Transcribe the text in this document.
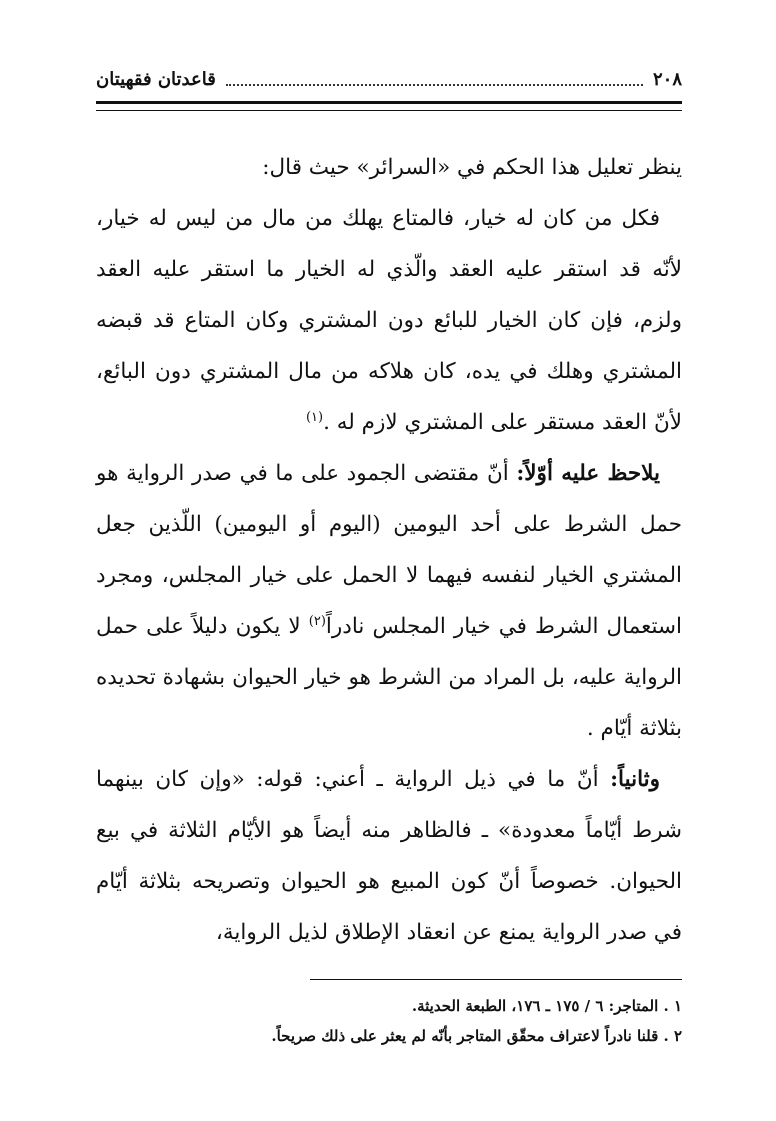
٢٠٨
قاعدتان فقهيتان

ينظر تعليل هذا الحكم في «السرائر» حيث قال:

فكل من كان له خيار، فالمتاع يهلك من مال من ليس له خيار، لأنّه قد استقر عليه العقد والّذي له الخيار ما استقر عليه العقد ولزم، فإن كان الخيار للبائع دون المشتري وكان المتاع قد قبضه المشتري وهلك في يده، كان هلاكه من مال المشتري دون البائع، لأنّ العقد مستقر على المشتري لازم له .$^{(١)}$

يلاحظ عليه أوّلاً: أنّ مقتضى الجمود على ما في صدر الرواية هو حمل الشرط على أحد اليومين (اليوم أو اليومين) اللّذين جعل المشتري الخيار لنفسه فيهما لا الحمل على خيار المجلس، ومجرد استعمال الشرط في خيار المجلس نادراً$^{(٢)}$ لا يكون دليلاً على حمل الرواية عليه، بل المراد من الشرط هو خيار الحيوان بشهادة تحديده بثلاثة أيّام .

وثانياً: أنّ ما في ذيل الرواية ـ أعني: قوله: «وإن كان بينهما شرط أيّاماً معدودة» ـ فالظاهر منه أيضاً هو الأيّام الثلاثة في بيع الحيوان. خصوصاً أنّ كون المبيع هو الحيوان وتصريحه بثلاثة أيّام في صدر الرواية يمنع عن انعقاد الإطلاق لذيل الرواية،

١ . المتاجر: ٦ / ١٧٥ ـ ١٧٦، الطبعة الحديثة.
٢ . قلنا نادراً لاعتراف محقّق المتاجر بأنّه لم يعثر على ذلك صريحاً.
